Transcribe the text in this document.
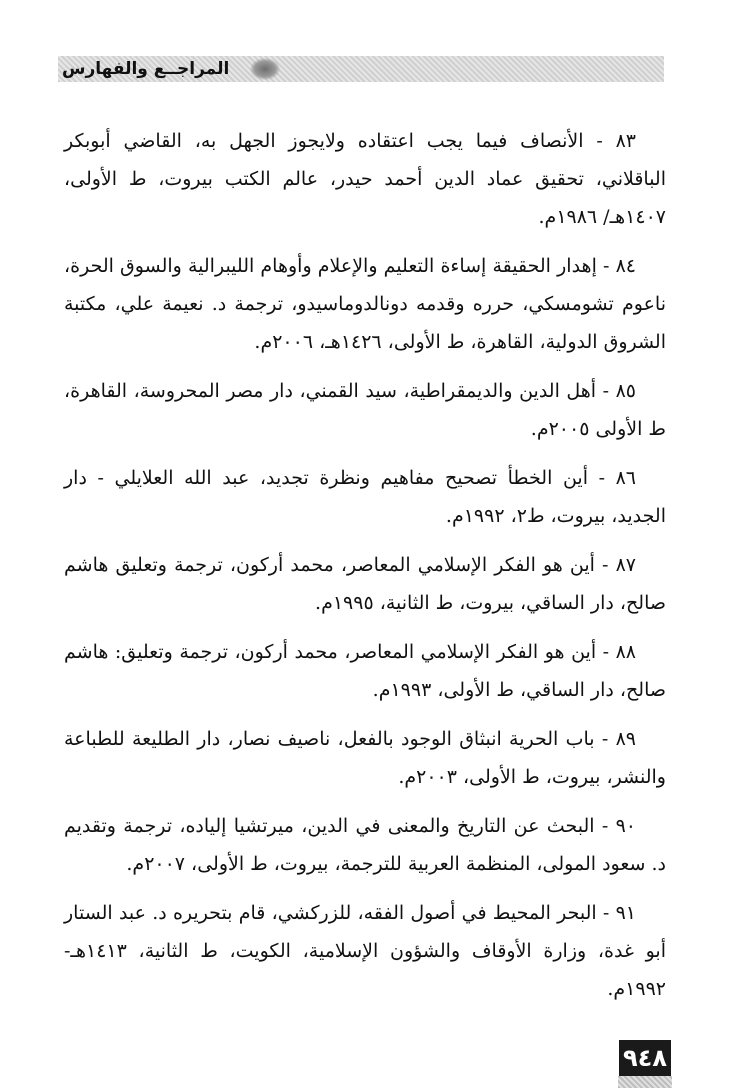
المراجــع والفهارس

٨٣ - الأنصاف فيما يجب اعتقاده ولايجوز الجهل به، القاضي أبوبكر الباقلاني، تحقيق عماد الدين أحمد حيدر، عالم الكتب بيروت، ط الأولى، ١٤٠٧هـ/ ١٩٨٦م.

٨٤ - إهدار الحقيقة إساءة التعليم والإعلام وأوهام الليبرالية والسوق الحرة، ناعوم تشومسكي، حرره وقدمه دونالدوماسيدو، ترجمة د. نعيمة علي، مكتبة الشروق الدولية، القاهرة، ط الأولى، ١٤٢٦هـ، ٢٠٠٦م.

٨٥ - أهل الدين والديمقراطية، سيد القمني، دار مصر المحروسة، القاهرة، ط الأولى ٢٠٠٥م.

٨٦ - أين الخطأ تصحيح مفاهيم ونظرة تجديد، عبد الله العلايلي - دار الجديد، بيروت، ط٢، ١٩٩٢م.

٨٧ - أين هو الفكر الإسلامي المعاصر، محمد أركون، ترجمة وتعليق هاشم صالح، دار الساقي، بيروت، ط الثانية، ١٩٩٥م.

٨٨ - أين هو الفكر الإسلامي المعاصر، محمد أركون، ترجمة وتعليق: هاشم صالح، دار الساقي، ط الأولى، ١٩٩٣م.

٨٩ - باب الحرية انبثاق الوجود بالفعل، ناصيف نصار، دار الطليعة للطباعة والنشر، بيروت، ط الأولى، ٢٠٠٣م.

٩٠ - البحث عن التاريخ والمعنى في الدين، ميرتشيا إلياده، ترجمة وتقديم د. سعود المولى، المنظمة العربية للترجمة، بيروت، ط الأولى، ٢٠٠٧م.

٩١ - البحر المحيط في أصول الفقه، للزركشي، قام بتحريره د. عبد الستار أبو غدة، وزارة الأوقاف والشؤون الإسلامية، الكويت، ط الثانية، ١٤١٣هـ- ١٩٩٢م.

٩٤٨
